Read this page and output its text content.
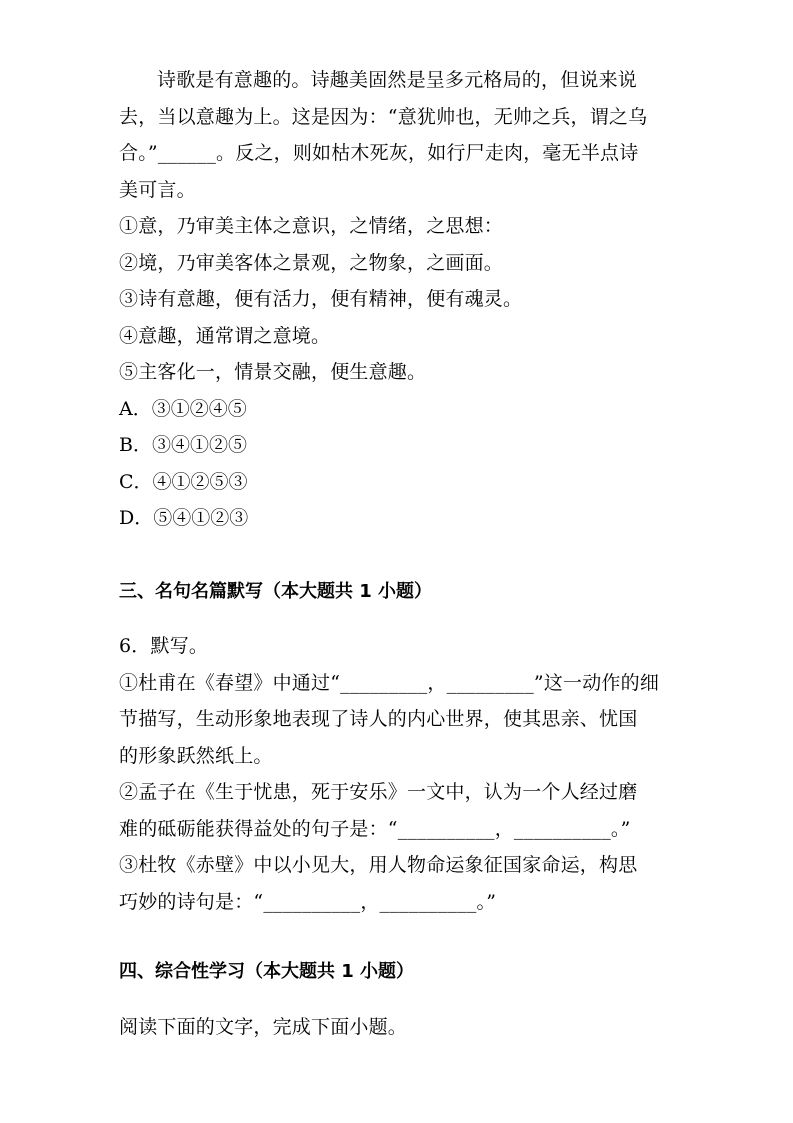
诗歌是有意趣的。诗趣美固然是呈多元格局的，但说来说
去，当以意趣为上。这是因为：“意犹帅也，无帅之兵，谓之乌
合。”______。反之，则如枯木死灰，如行尸走肉，毫无半点诗
美可言。
①意，乃审美主体之意识，之情绪，之思想：
②境，乃审美客体之景观，之物象，之画面。
③诗有意趣，便有活力，便有精神，便有魂灵。
④意趣，通常谓之意境。
⑤主客化一，情景交融，便生意趣。
A．③①②④⑤
B．③④①②⑤
C．④①②⑤③
D．⑤④①②③
三、名句名篇默写（本大题共 1 小题）
6．默写。
①杜甫在《春望》中通过“_________，_________”这一动作的细
节描写，生动形象地表现了诗人的内心世界，使其思亲、忧国
的形象跃然纸上。
②孟子在《生于忧患，死于安乐》一文中，认为一个人经过磨
难的砥砺能获得益处的句子是：“__________，__________。”
③杜牧《赤壁》中以小见大，用人物命运象征国家命运，构思
巧妙的诗句是：“__________，__________。”
四、综合性学习（本大题共 1 小题）
阅读下面的文字，完成下面小题。
